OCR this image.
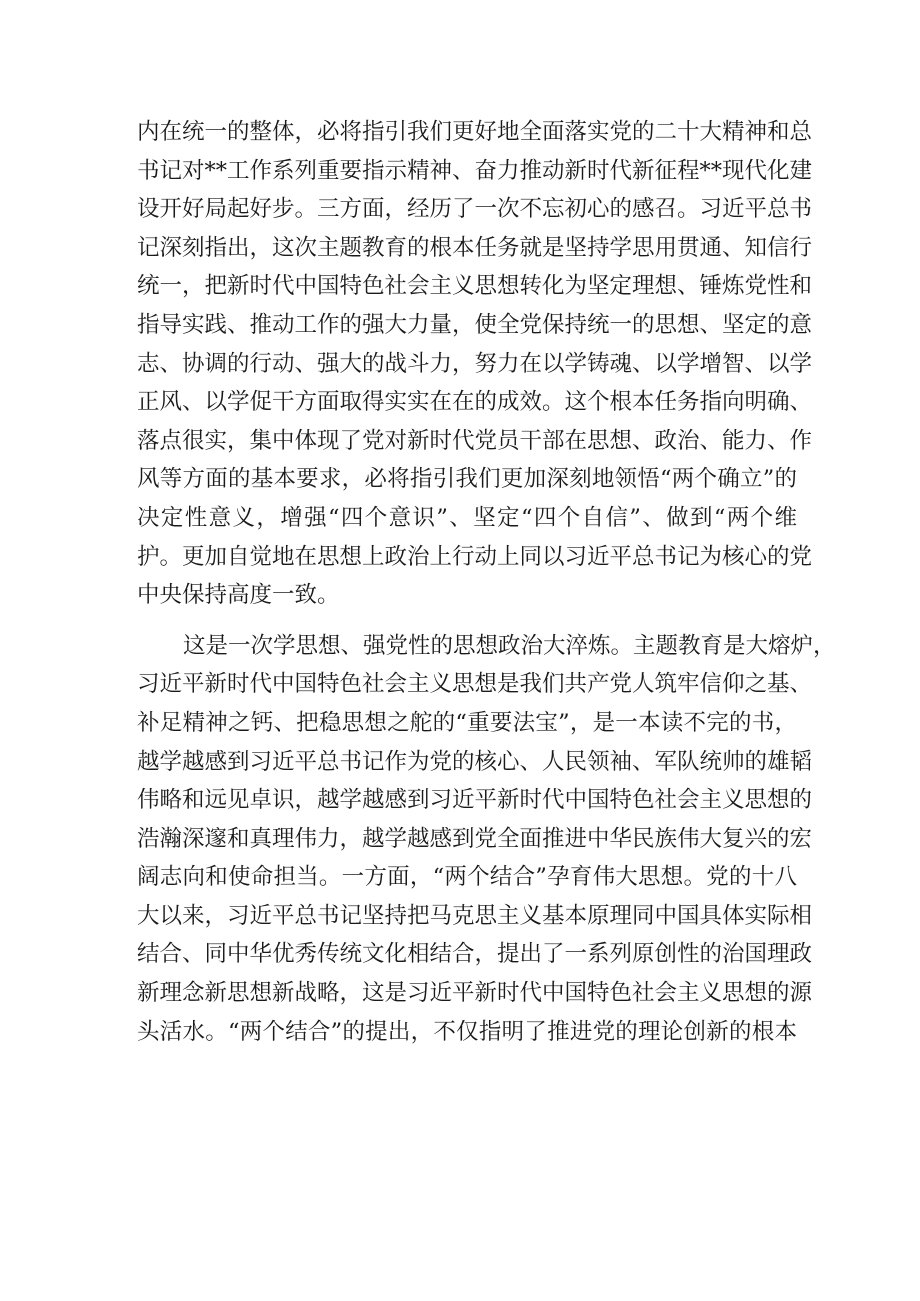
内在统一的整体，必将指引我们更好地全面落实党的二十大精神和总
书记对**工作系列重要指示精神、奋力推动新时代新征程**现代化建
设开好局起好步。三方面，经历了一次不忘初心的感召。习近平总书
记深刻指出，这次主题教育的根本任务就是坚持学思用贯通、知信行
统一，把新时代中国特色社会主义思想转化为坚定理想、锤炼党性和
指导实践、推动工作的强大力量，使全党保持统一的思想、坚定的意
志、协调的行动、强大的战斗力，努力在以学铸魂、以学增智、以学
正风、以学促干方面取得实实在在的成效。这个根本任务指向明确、
落点很实，集中体现了党对新时代党员干部在思想、政治、能力、作
风等方面的基本要求，必将指引我们更加深刻地领悟“两个确立”的
决定性意义，增强“四个意识”、坚定“四个自信”、做到“两个维
护。更加自觉地在思想上政治上行动上同以习近平总书记为核心的党
中央保持高度一致。
这是一次学思想、强党性的思想政治大淬炼。主题教育是大熔炉，
习近平新时代中国特色社会主义思想是我们共产党人筑牢信仰之基、
补足精神之钙、把稳思想之舵的“重要法宝”，是一本读不完的书，
越学越感到习近平总书记作为党的核心、人民领袖、军队统帅的雄韬
伟略和远见卓识，越学越感到习近平新时代中国特色社会主义思想的
浩瀚深邃和真理伟力，越学越感到党全面推进中华民族伟大复兴的宏
阔志向和使命担当。一方面，“两个结合”孕育伟大思想。党的十八
大以来，习近平总书记坚持把马克思主义基本原理同中国具体实际相
结合、同中华优秀传统文化相结合，提出了一系列原创性的治国理政
新理念新思想新战略，这是习近平新时代中国特色社会主义思想的源
头活水。“两个结合”的提出，不仅指明了推进党的理论创新的根本
